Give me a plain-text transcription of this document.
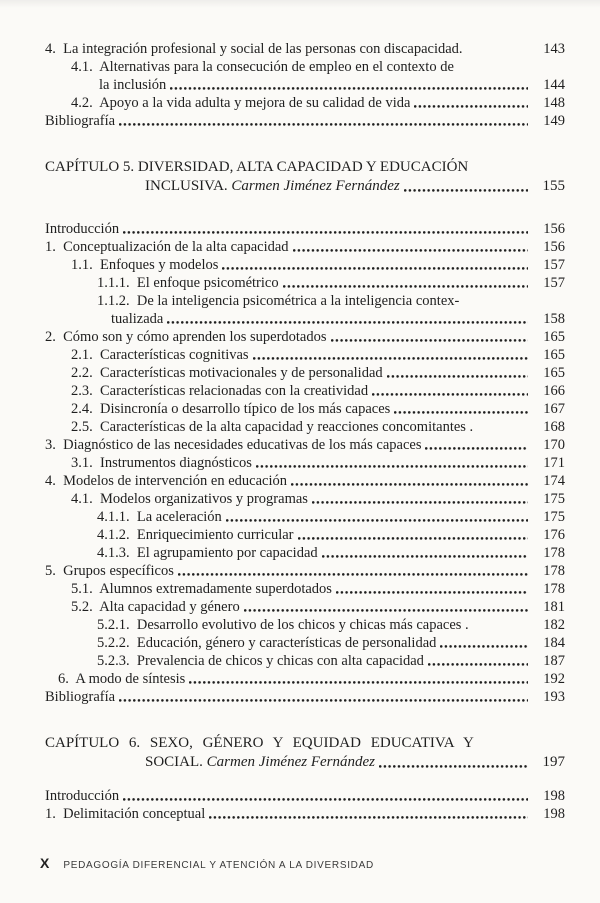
4.  La integración profesional y social de las personas con discapacidad.	143
4.1.  Alternativas para la consecución de empleo en el contexto de
la inclusión	144
4.2.  Apoyo a la vida adulta y mejora de su calidad de vida	148
Bibliografía	149
CAPÍTULO 5. DIVERSIDAD, ALTA CAPACIDAD Y EDUCACIÓN
INCLUSIVA. Carmen Jiménez Fernández	155
Introducción	156
1.  Conceptualización de la alta capacidad	156
1.1.  Enfoques y modelos	157
1.1.1.  El enfoque psicométrico	157
1.1.2.  De la inteligencia psicométrica a la inteligencia contex-
tualizada	158
2.  Cómo son y cómo aprenden los superdotados	165
2.1.  Características cognitivas	165
2.2.  Características motivacionales y de personalidad	165
2.3.  Características relacionadas con la creatividad	166
2.4.  Disincronía o desarrollo típico de los más capaces	167
2.5.  Características de la alta capacidad y reacciones concomitantes .	168
3.  Diagnóstico de las necesidades educativas de los más capaces	170
3.1.  Instrumentos diagnósticos	171
4.  Modelos de intervención en educación	174
4.1.  Modelos organizativos y programas	175
4.1.1.  La aceleración	175
4.1.2.  Enriquecimiento curricular	176
4.1.3.  El agrupamiento por capacidad	178
5.  Grupos específicos	178
5.1.  Alumnos extremadamente superdotados	178
5.2.  Alta capacidad y género	181
5.2.1.  Desarrollo evolutivo de los chicos y chicas más capaces .	182
5.2.2.  Educación, género y características de personalidad	184
5.2.3.  Prevalencia de chicos y chicas con alta capacidad	187
6.  A modo de síntesis	192
Bibliografía	193
CAPÍTULO 6. SEXO, GÉNERO Y EQUIDAD EDUCATIVA Y
SOCIAL. Carmen Jiménez Fernández	197
Introducción	198
1.  Delimitación conceptual	198
X PEDAGOGÍA DIFERENCIAL Y ATENCIÓN A LA DIVERSIDAD
